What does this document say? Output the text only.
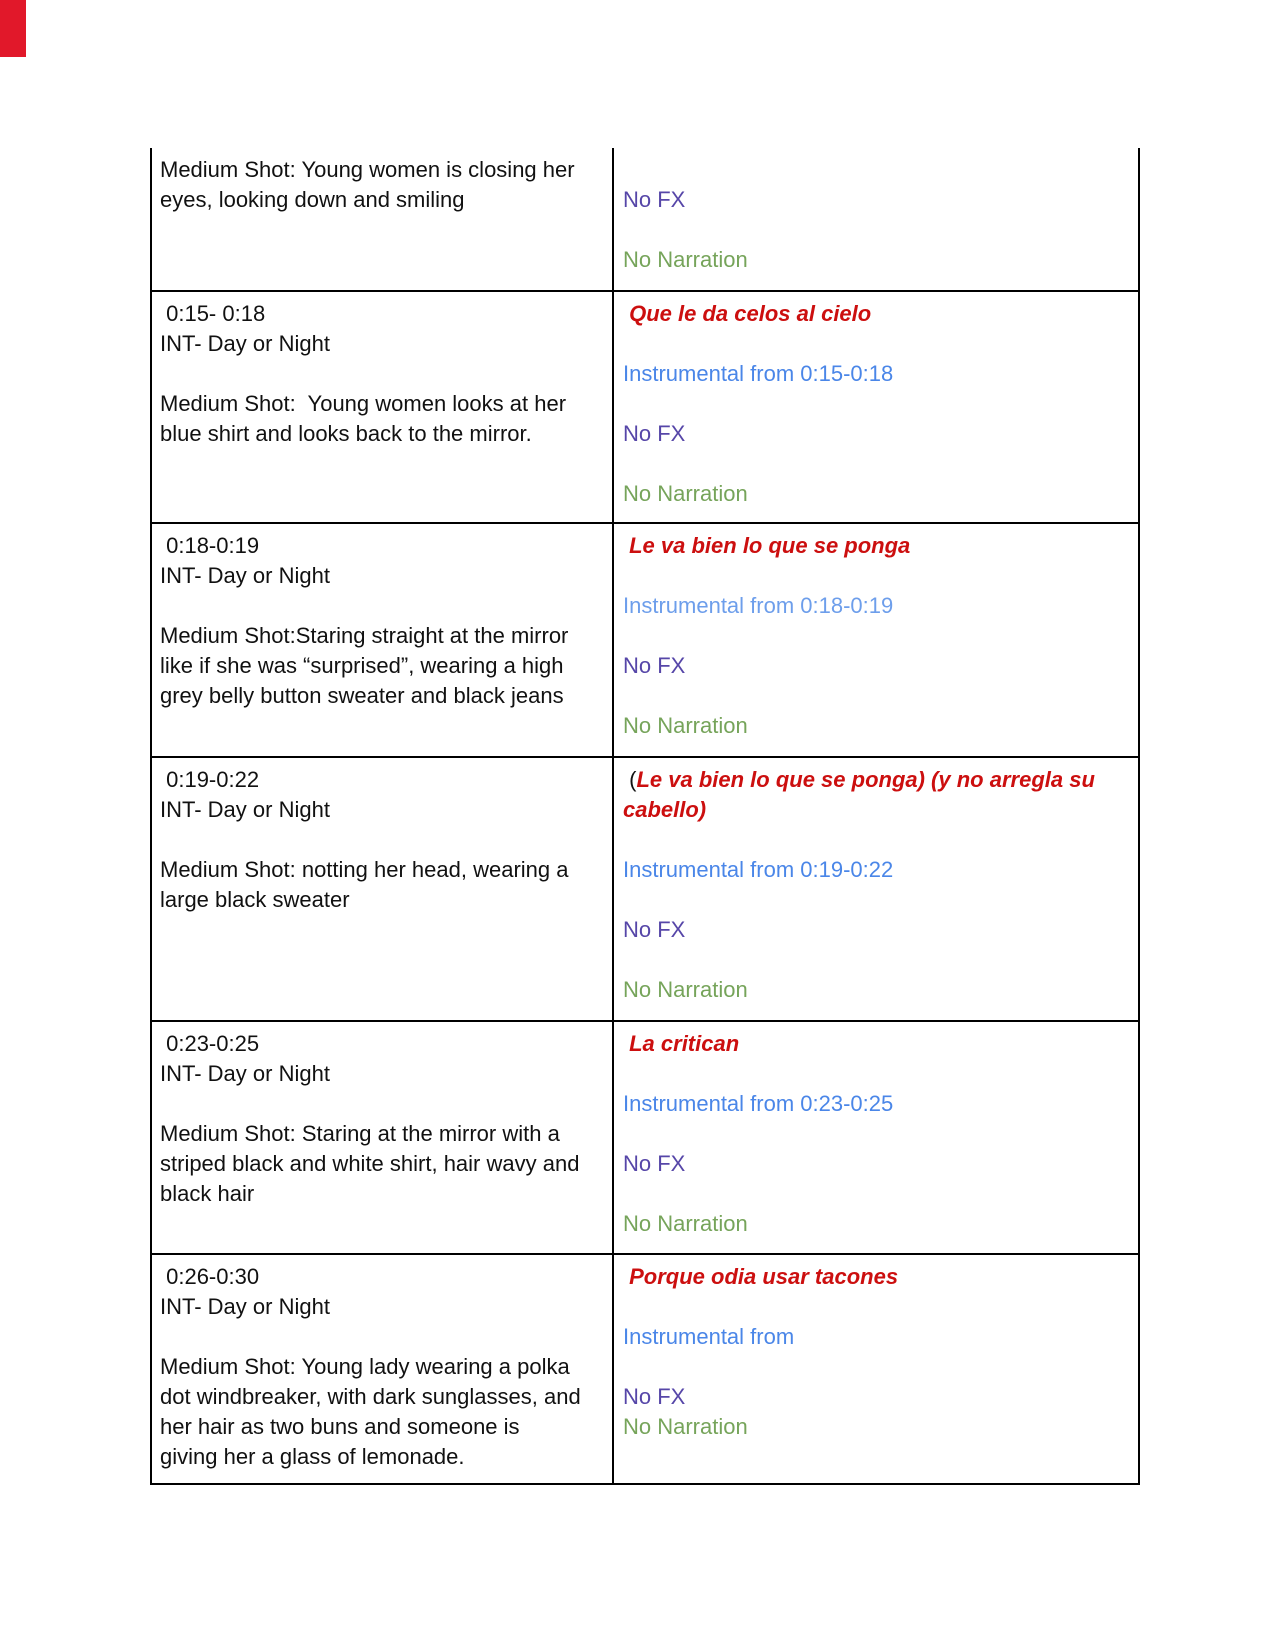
Medium Shot: Young women is closing her
eyes, looking down and smiling	No FX
No Narration
0:15- 0:18
INT- Day or Night
Medium Shot:  Young women looks at her
blue shirt and looks back to the mirror.
Que le da celos al cielo
Instrumental from 0:15-0:18
No FX
No Narration
0:18-0:19
INT- Day or Night
Medium Shot:Staring straight at the mirror
like if she was “surprised”, wearing a high
grey belly button sweater and black jeans
Le va bien lo que se ponga
Instrumental from 0:18-0:19
No FX
No Narration
0:19-0:22
INT- Day or Night
Medium Shot: notting her head, wearing a
large black sweater
(Le va bien lo que se ponga) (y no arregla su
cabello)
Instrumental from 0:19-0:22
No FX
No Narration
0:23-0:25
INT- Day or Night
Medium Shot: Staring at the mirror with a
striped black and white shirt, hair wavy and
black hair
La critican
Instrumental from 0:23-0:25
No FX
No Narration
0:26-0:30
INT- Day or Night
Medium Shot: Young lady wearing a polka
dot windbreaker, with dark sunglasses, and
her hair as two buns and someone is
giving her a glass of lemonade.
Porque odia usar tacones
Instrumental from
No FX
No Narration
